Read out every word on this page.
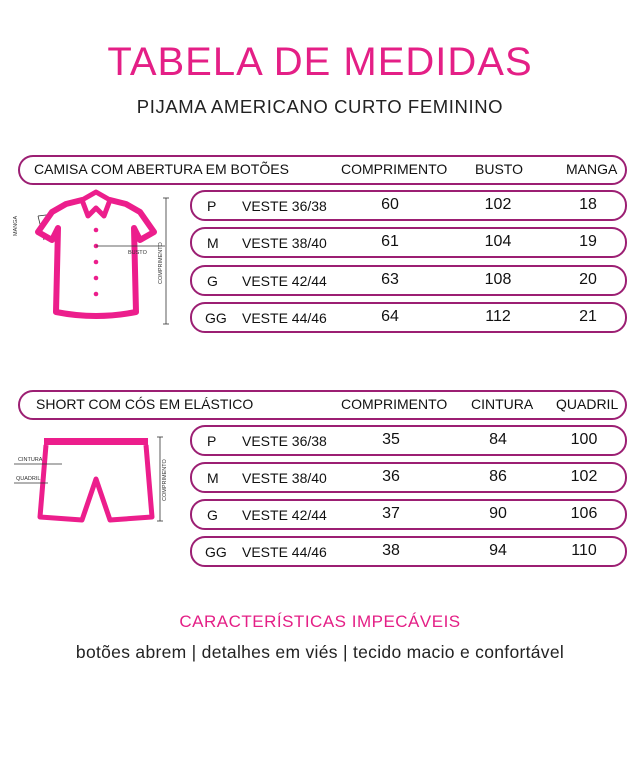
TABELA DE MEDIDAS
PIJAMA AMERICANO CURTO FEMININO
CAMISA COM ABERTURA EM BOTÕES	COMPRIMENTO BUSTO	MANGA
MANGA
BUSTO COMPRIMENTO
P VESTE 36/38	60	102	18
M VESTE 38/40	61	104	19
G VESTE 42/44	63	108	20
GG VESTE 44/46	64	112	21
SHORT COM CÓS EM ELÁSTICO	COMPRIMENTO CINTURA QUADRIL
CINTURA
QUADRIL	COMPRIMENTO
P VESTE 36/38	35	84	100
M VESTE 38/40	36	86	102
G VESTE 42/44	37	90	106
GG VESTE 44/46	38	94	110
CARACTERÍSTICAS IMPECÁVEIS
botões abrem | detalhes em viés | tecido macio e confortável
